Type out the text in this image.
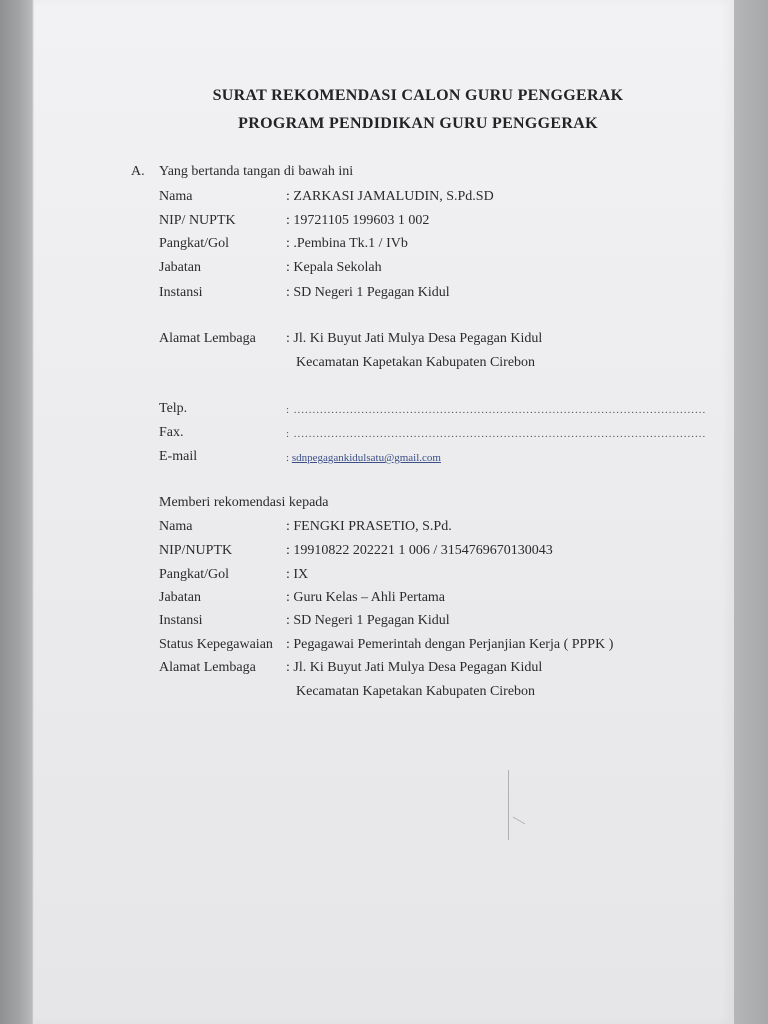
SURAT REKOMENDASI CALON GURU PENGGERAK
PROGRAM PENDIDIKAN GURU PENGGERAK
A. Yang bertanda tangan di bawah ini
Nama	: ZARKASI JAMALUDIN, S.Pd.SD
NIP/ NUPTK	: 19721105 199603 1 002
Pangkat/Gol	: .Pembina Tk.1 / IVb
Jabatan	: Kepala Sekolah
Instansi	: SD Negeri 1 Pegagan Kidul
Alamat Lembaga : Jl. Ki Buyut Jati Mulya Desa Pegagan Kidul
Kecamatan Kapetakan Kabupaten Cirebon
Telp.	: ..............................................................................................................
Fax.	: ..............................................................................................................
E-mail	: sdnpegagankidulsatu@gmail.com
Memberi rekomendasi kepada
Nama	: FENGKI PRASETIO, S.Pd.
NIP/NUPTK	: 19910822 202221 1 006 / 3154769670130043
Pangkat/Gol	: IX
Jabatan	: Guru Kelas – Ahli Pertama
Instansi	: SD Negeri 1 Pegagan Kidul
Status Kepegawaian : Pegagawai Pemerintah dengan Perjanjian Kerja ( PPPK )
Alamat Lembaga : Jl. Ki Buyut Jati Mulya Desa Pegagan Kidul
Kecamatan Kapetakan Kabupaten Cirebon
